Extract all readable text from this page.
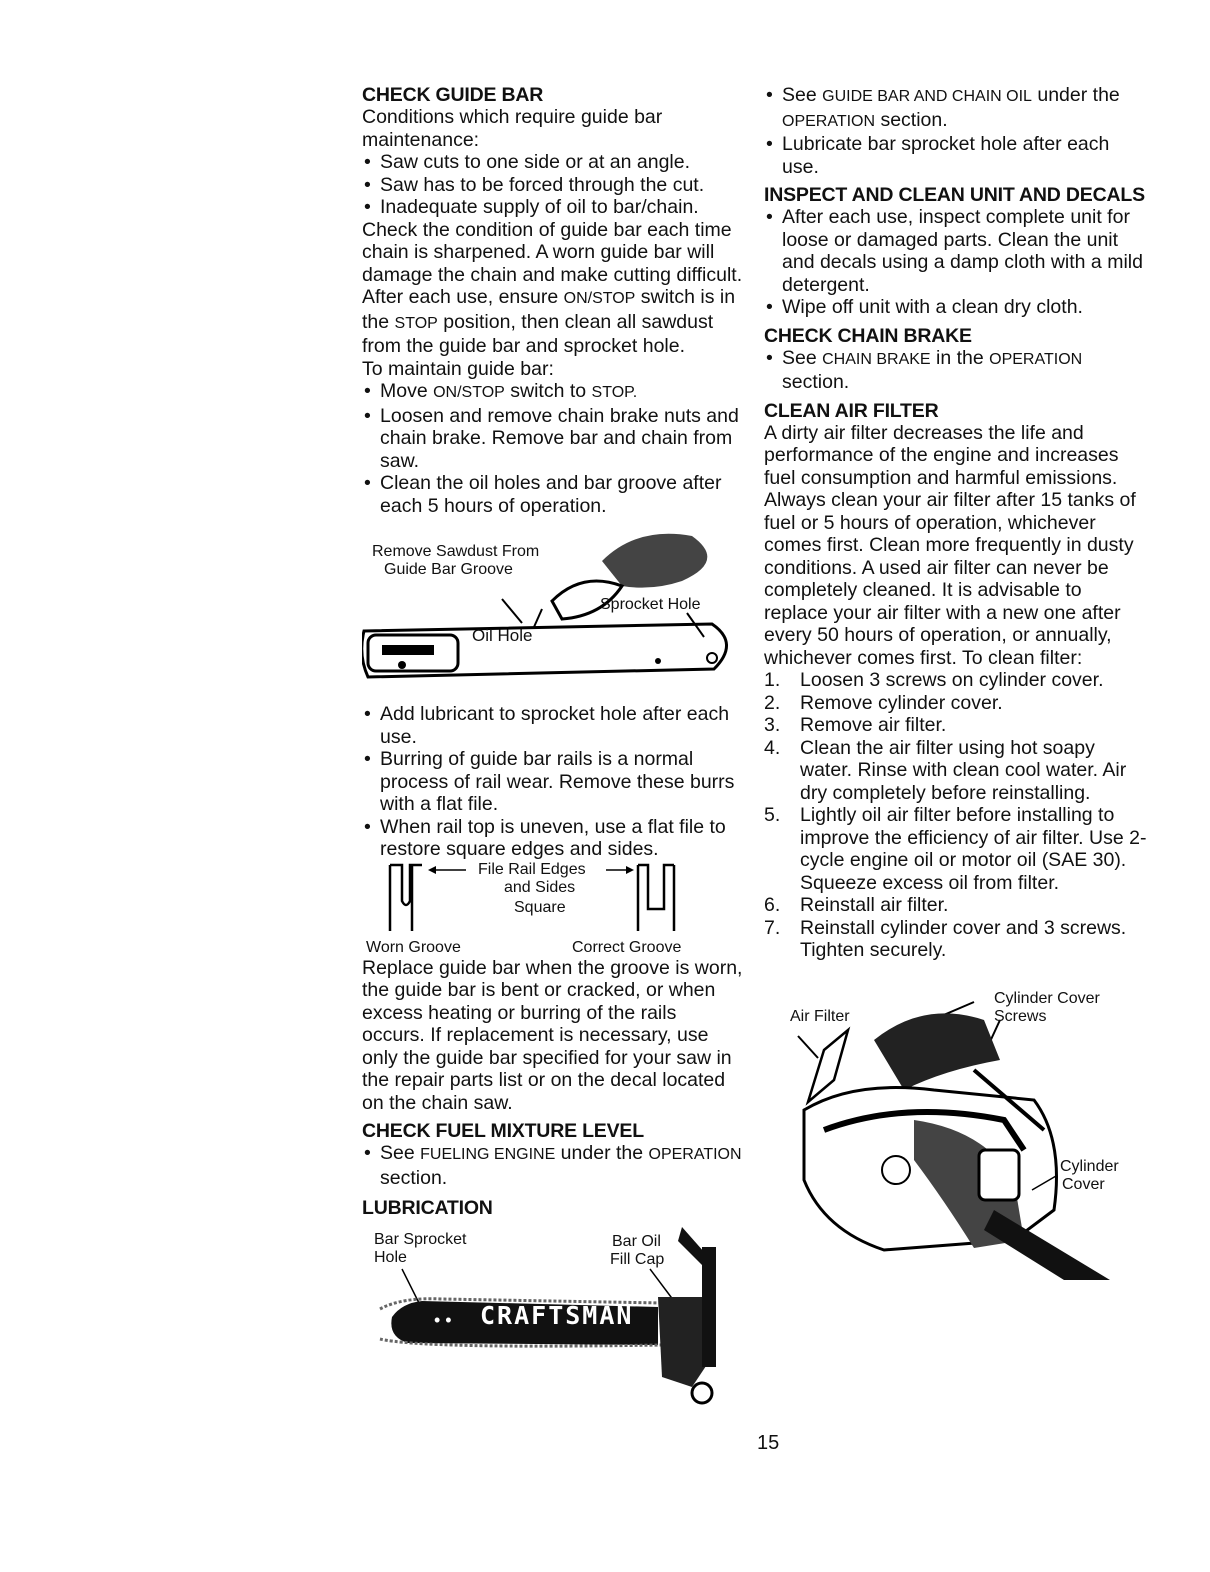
CHECK GUIDE BAR

Conditions which require guide bar maintenance:

• Saw cuts to one side or at an angle.
• Saw has to be forced through the cut.
• Inadequate supply of oil to bar/chain.

Check the condition of guide bar each time chain is sharpened. A worn guide bar will damage the chain and make cutting difficult.

After each use, ensure ON/STOP switch is in the STOP position, then clean all sawdust from the guide bar and sprocket hole.

To maintain guide bar:

• Move ON/STOP switch to STOP.
• Loosen and remove chain brake nuts and chain brake. Remove bar and chain from saw.
• Clean the oil holes and bar groove after each 5 hours of operation.
Remove Sawdust From
Guide Bar Groove
Sprocket Hole
Oil Hole
• Add lubricant to sprocket hole after each use.
• Burring of guide bar rails is a normal process of rail wear. Remove these burrs with a flat file.
• When rail top is uneven, use a flat file to restore square edges and sides.
File Rail Edges
and Sides
Square
Worn Groove	Correct Groove

Replace guide bar when the groove is worn, the guide bar is bent or cracked, or when excess heating or burring of the rails occurs. If replacement is necessary, use only the guide bar specified for your saw in the repair parts list or on the decal located on the chain saw.

CHECK FUEL MIXTURE LEVEL
• See FUELING ENGINE under the OPERATION section.
LUBRICATION
Bar Sprocket
Hole
Bar Oil
Fill Cap
CRAFTSMAN
• •
• See GUIDE BAR AND CHAIN OIL under the OPERATION section.
• Lubricate bar sprocket hole after each use.
INSPECT AND CLEAN UNIT AND DECALS
• After each use, inspect complete unit for loose or damaged parts. Clean the unit and decals using a damp cloth with a mild detergent.
• Wipe off unit with a clean dry cloth.
CHECK CHAIN BRAKE
• See CHAIN BRAKE in the OPERATION section.
CLEAN AIR FILTER

A dirty air filter decreases the life and performance of the engine and increases fuel consumption and harmful emissions. Always clean your air filter after 15 tanks of fuel or 5 hours of operation, whichever comes first. Clean more frequently in dusty conditions. A used air filter can never be completely cleaned. It is advisable to replace your air filter with a new one after every 50 hours of operation, or annually, whichever comes first. To clean filter:

1. Loosen 3 screws on cylinder cover.
2. Remove cylinder cover.
3. Remove air filter.
4. Clean the air filter using hot soapy water. Rinse with clean cool water. Air dry completely before reinstalling.
5. Lightly oil air filter before installing to improve the efficiency of air filter. Use 2-cycle engine oil or motor oil (SAE 30). Squeeze excess oil from filter.
6. Reinstall air filter.
7. Reinstall cylinder cover and 3 screws. Tighten securely.
Air Filter
Cylinder Cover
Screws
Cylinder
Cover
15
